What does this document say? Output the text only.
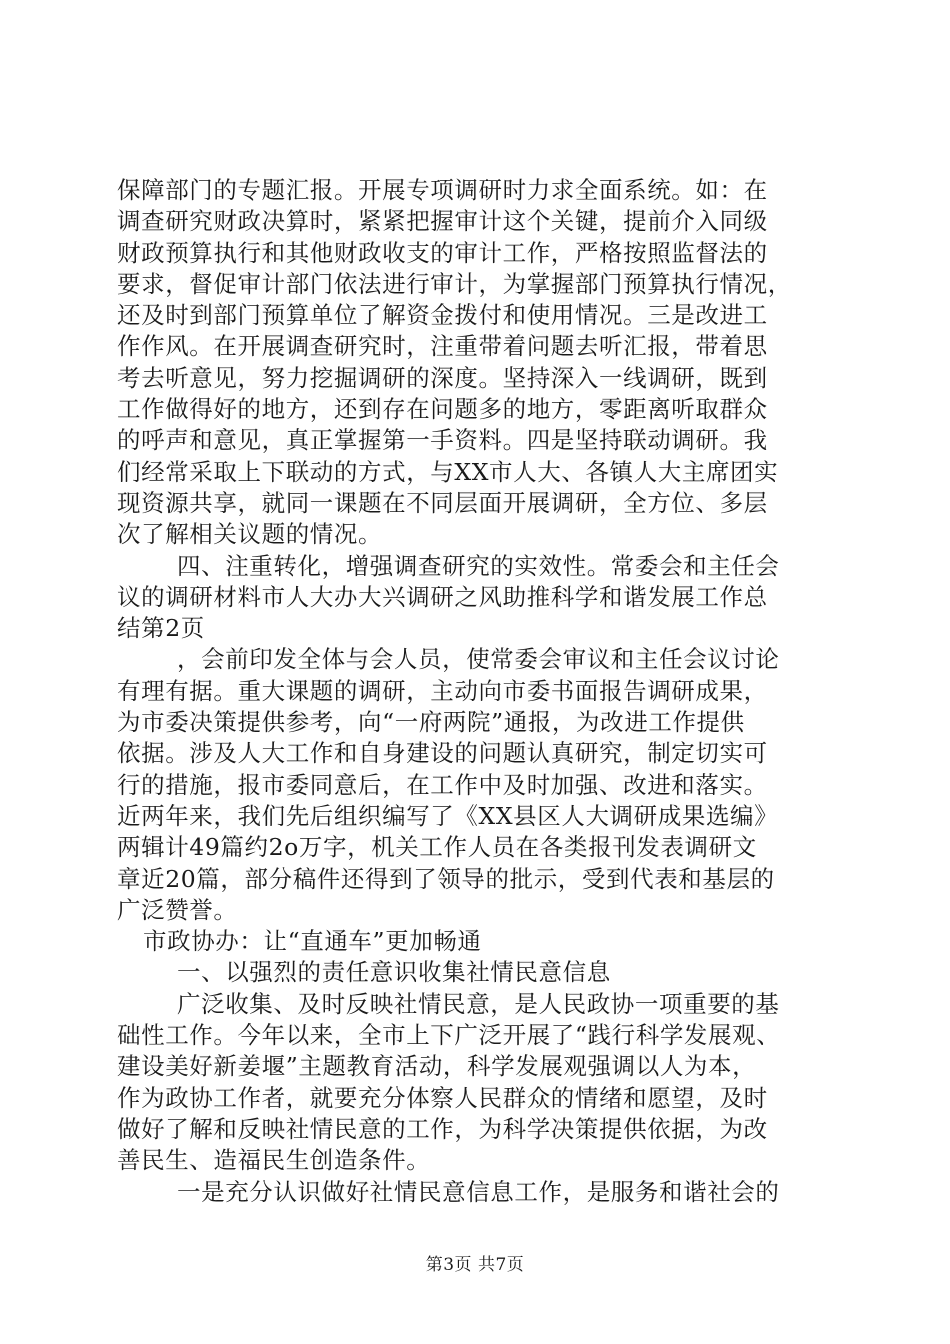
保障部门的专题汇报。开展专项调研时力求全面系统。如：在
调查研究财政决算时，紧紧把握审计这个关键，提前介入同级
财政预算执行和其他财政收支的审计工作，严格按照监督法的
要求，督促审计部门依法进行审计，为掌握部门预算执行情况，
还及时到部门预算单位了解资金拨付和使用情况。三是改进工
作作风。在开展调查研究时，注重带着问题去听汇报，带着思
考去听意见，努力挖掘调研的深度。坚持深入一线调研，既到
工作做得好的地方，还到存在问题多的地方，零距离听取群众
的呼声和意见，真正掌握第一手资料。四是坚持联动调研。我
们经常采取上下联动的方式，与XX市人大、各镇人大主席团实
现资源共享，就同一课题在不同层面开展调研，全方位、多层
次了解相关议题的情况。
四、注重转化，增强调查研究的实效性。常委会和主任会
议的调研材料市人大办大兴调研之风助推科学和谐发展工作总
结第2页
，会前印发全体与会人员，使常委会审议和主任会议讨论
有理有据。重大课题的调研，主动向市委书面报告调研成果，
为市委决策提供参考，向“一府两院”通报，为改进工作提供
依据。涉及人大工作和自身建设的问题认真研究，制定切实可
行的措施，报市委同意后，在工作中及时加强、改进和落实。
近两年来，我们先后组织编写了《XX县区人大调研成果选编》
两辑计49篇约2o万字，机关工作人员在各类报刊发表调研文
章近20篇，部分稿件还得到了领导的批示，受到代表和基层的
广泛赞誉。
市政协办：让“直通车”更加畅通
一、以强烈的责任意识收集社情民意信息
广泛收集、及时反映社情民意，是人民政协一项重要的基
础性工作。今年以来，全市上下广泛开展了“践行科学发展观、
建设美好新姜堰”主题教育活动，科学发展观强调以人为本，
作为政协工作者，就要充分体察人民群众的情绪和愿望，及时
做好了解和反映社情民意的工作，为科学决策提供依据，为改
善民生、造福民生创造条件。
一是充分认识做好社情民意信息工作，是服务和谐社会的
第3页 共7页
